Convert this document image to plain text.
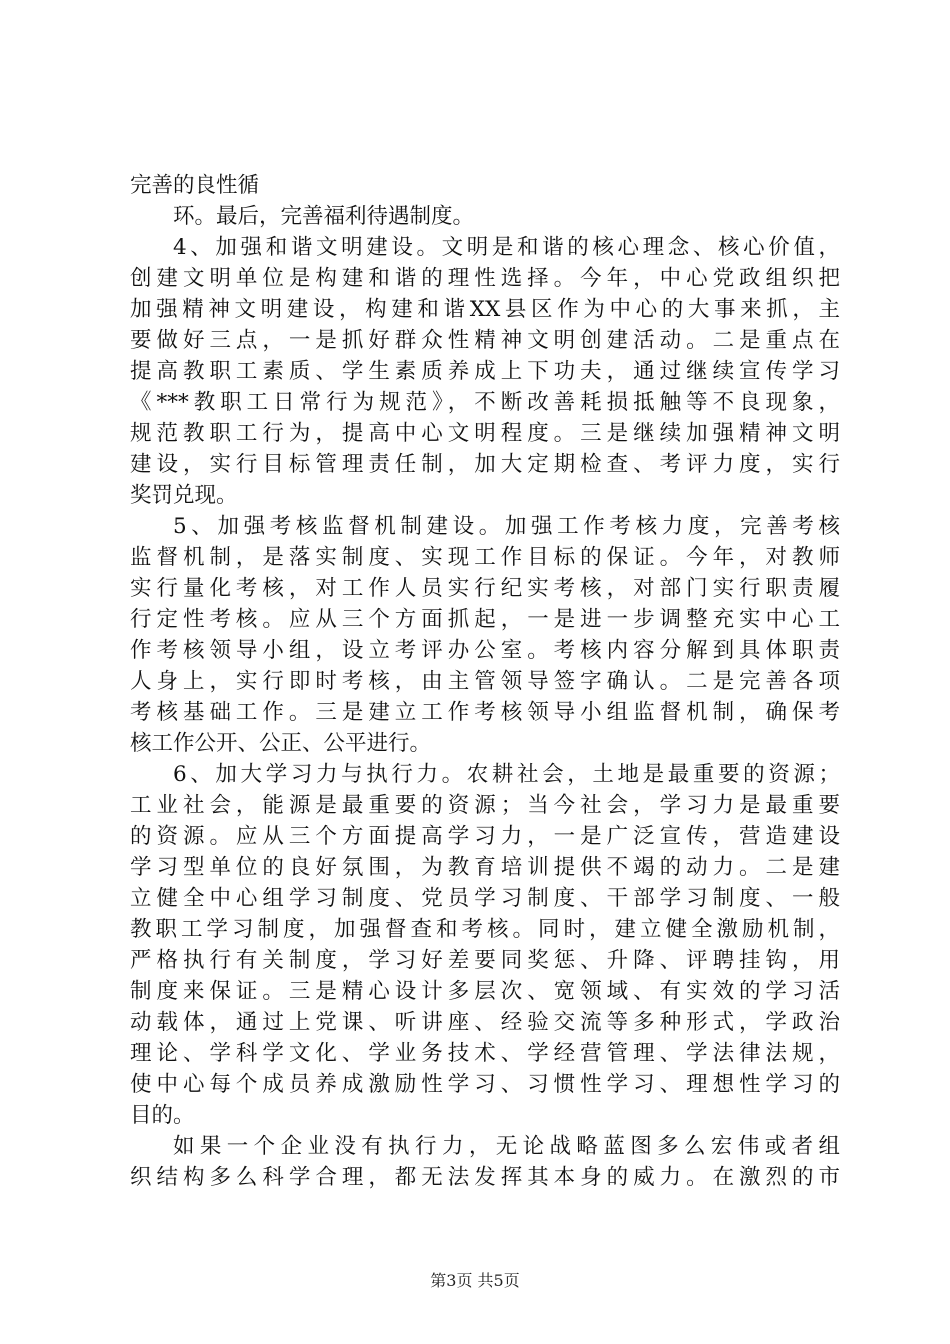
完善的良性循
环。最后，完善福利待遇制度。
4、加强和谐文明建设。文明是和谐的核心理念、核心价值，
创建文明单位是构建和谐的理性选择。今年，中心党政组织把
加强精神文明建设，构建和谐XX县区作为中心的大事来抓，主
要做好三点，一是抓好群众性精神文明创建活动。二是重点在
提高教职工素质、学生素质养成上下功夫，通过继续宣传学习
《***教职工日常行为规范》，不断改善耗损抵触等不良现象，
规范教职工行为，提高中心文明程度。三是继续加强精神文明
建设，实行目标管理责任制，加大定期检查、考评力度，实行
奖罚兑现。
5、加强考核监督机制建设。加强工作考核力度，完善考核
监督机制，是落实制度、实现工作目标的保证。今年，对教师
实行量化考核，对工作人员实行纪实考核，对部门实行职责履
行定性考核。应从三个方面抓起，一是进一步调整充实中心工
作考核领导小组，设立考评办公室。考核内容分解到具体职责
人身上，实行即时考核，由主管领导签字确认。二是完善各项
考核基础工作。三是建立工作考核领导小组监督机制，确保考
核工作公开、公正、公平进行。
6、加大学习力与执行力。农耕社会，土地是最重要的资源；
工业社会，能源是最重要的资源；当今社会，学习力是最重要
的资源。应从三个方面提高学习力，一是广泛宣传，营造建设
学习型单位的良好氛围，为教育培训提供不竭的动力。二是建
立健全中心组学习制度、党员学习制度、干部学习制度、一般
教职工学习制度，加强督查和考核。同时，建立健全激励机制，
严格执行有关制度，学习好差要同奖惩、升降、评聘挂钩，用
制度来保证。三是精心设计多层次、宽领域、有实效的学习活
动载体，通过上党课、听讲座、经验交流等多种形式，学政治
理论、学科学文化、学业务技术、学经营管理、学法律法规，
使中心每个成员养成激励性学习、习惯性学习、理想性学习的
目的。
如果一个企业没有执行力，无论战略蓝图多么宏伟或者组
织结构多么科学合理，都无法发挥其本身的威力。在激烈的市
第3页 共5页
